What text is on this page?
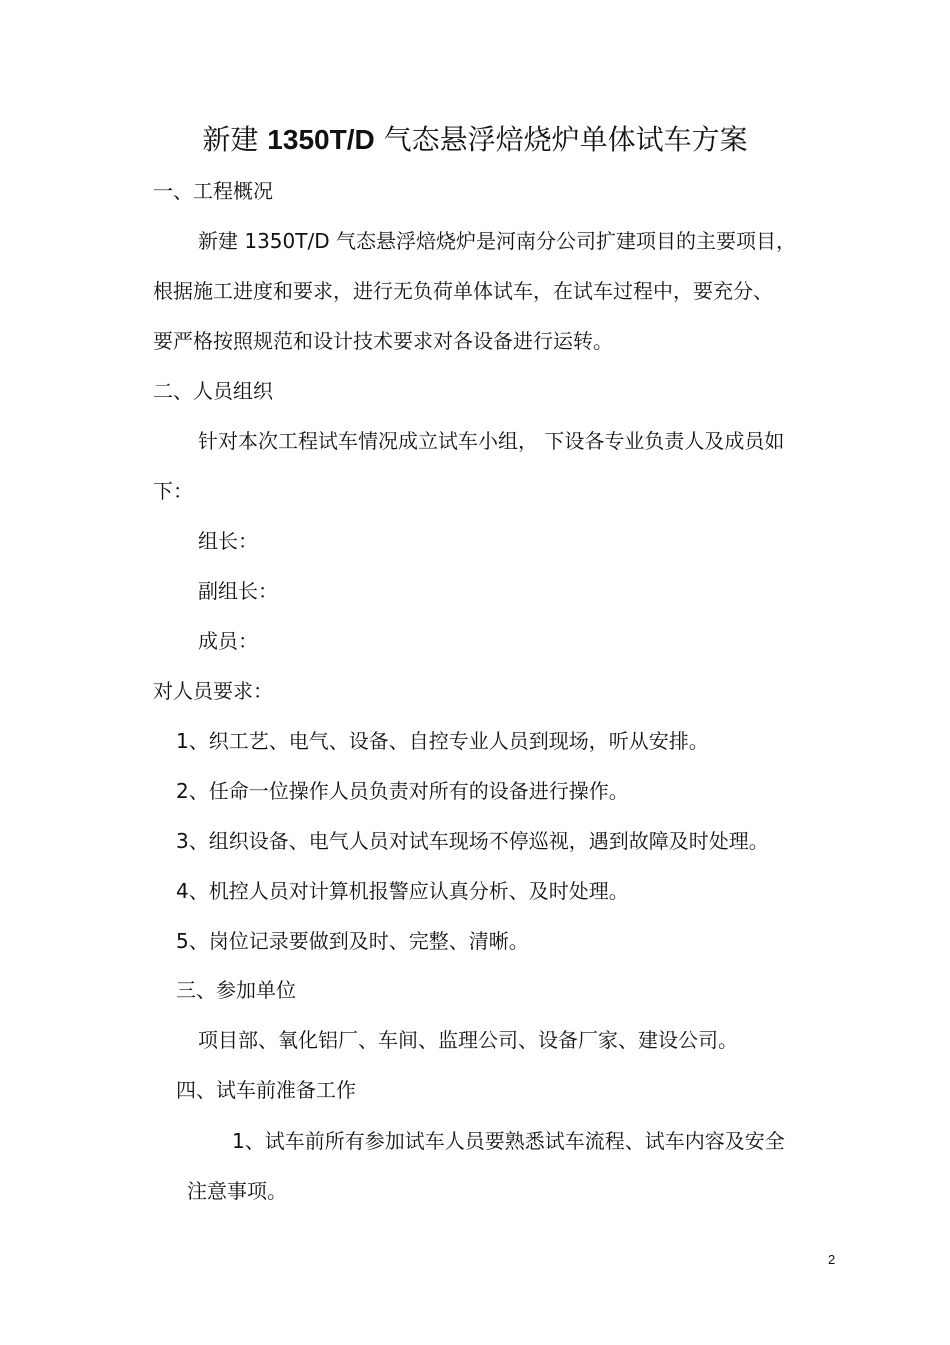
新建 1350T/D 气态悬浮焙烧炉单体试车方案
一、工程概况
新建 1350T/D 气态悬浮焙烧炉是河南分公司扩建项目的主要项目，
根据施工进度和要求，进行无负荷单体试车，在试车过程中，要充分、
要严格按照规范和设计技术要求对各设备进行运转。
二、人员组织
针对本次工程试车情况成立试车小组， 下设各专业负责人及成员如
下：
组长：
副组长：
成员：
对人员要求：
1、织工艺、电气、设备、自控专业人员到现场，听从安排。
2、任命一位操作人员负责对所有的设备进行操作。
3、组织设备、电气人员对试车现场不停巡视，遇到故障及时处理。
4、机控人员对计算机报警应认真分析、及时处理。
5、岗位记录要做到及时、完整、清晰。
三、参加单位
项目部、氧化铝厂、车间、监理公司、设备厂家、建设公司。
四、试车前准备工作
1、试车前所有参加试车人员要熟悉试车流程、试车内容及安全
注意事项。
2
